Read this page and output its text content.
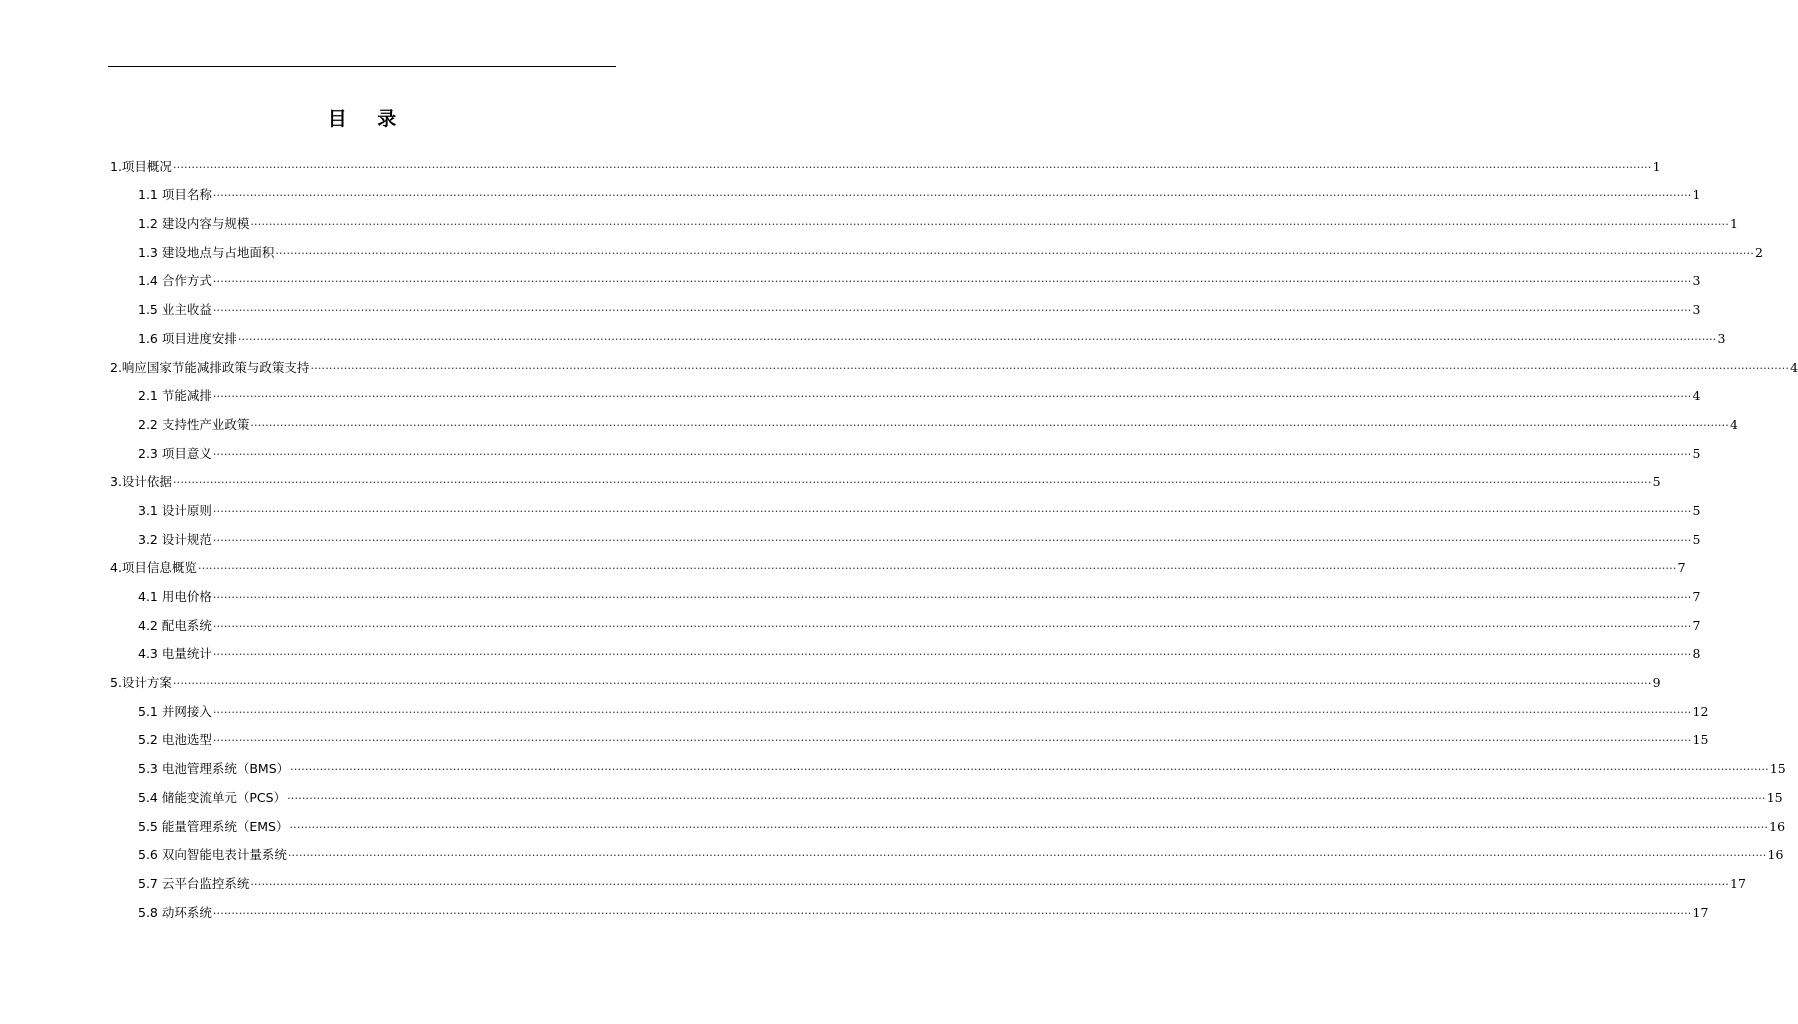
目 录
1.项目概况 ................................................................................................................................................................................................................................................................................................................................................................................................................ 1
1.1 项目名称 ................................................................................................................................................................................................................................................................................................................................................................................................................ 1
1.2 建设内容与规模 ................................................................................................................................................................................................................................................................................................................................................................................................................ 1
1.3 建设地点与占地面积 ................................................................................................................................................................................................................................................................................................................................................................................................................ 2
1.4 合作方式 ................................................................................................................................................................................................................................................................................................................................................................................................................ 3
1.5 业主收益 ................................................................................................................................................................................................................................................................................................................................................................................................................ 3
1.6 项目进度安排 ................................................................................................................................................................................................................................................................................................................................................................................................................ 3
2.响应国家节能减排政策与政策支持 ................................................................................................................................................................................................................................................................................................................................................................................................................ 4
2.1 节能减排 ................................................................................................................................................................................................................................................................................................................................................................................................................ 4
2.2 支持性产业政策 ................................................................................................................................................................................................................................................................................................................................................................................................................ 4
2.3 项目意义 ................................................................................................................................................................................................................................................................................................................................................................................................................ 5
3.设计依据 ................................................................................................................................................................................................................................................................................................................................................................................................................ 5
3.1 设计原则 ................................................................................................................................................................................................................................................................................................................................................................................................................ 5
3.2 设计规范 ................................................................................................................................................................................................................................................................................................................................................................................................................ 5
4.项目信息概览 ................................................................................................................................................................................................................................................................................................................................................................................................................ 7
4.1 用电价格 ................................................................................................................................................................................................................................................................................................................................................................................................................ 7
4.2 配电系统 ................................................................................................................................................................................................................................................................................................................................................................................................................ 7
4.3 电量统计 ................................................................................................................................................................................................................................................................................................................................................................................................................ 8
5.设计方案 ................................................................................................................................................................................................................................................................................................................................................................................................................ 9
5.1 并网接入 ................................................................................................................................................................................................................................................................................................................................................................................................................ 12
5.2 电池选型 ................................................................................................................................................................................................................................................................................................................................................................................................................ 15
5.3 电池管理系统（BMS） ................................................................................................................................................................................................................................................................................................................................................................................................................ 15
5.4 储能变流单元（PCS） ................................................................................................................................................................................................................................................................................................................................................................................................................ 15
5.5 能量管理系统（EMS） ................................................................................................................................................................................................................................................................................................................................................................................................................ 16
5.6 双向智能电表计量系统 ................................................................................................................................................................................................................................................................................................................................................................................................................ 16
5.7 云平台监控系统 ................................................................................................................................................................................................................................................................................................................................................................................................................ 17
5.8 动环系统 ................................................................................................................................................................................................................................................................................................................................................................................................................ 17
